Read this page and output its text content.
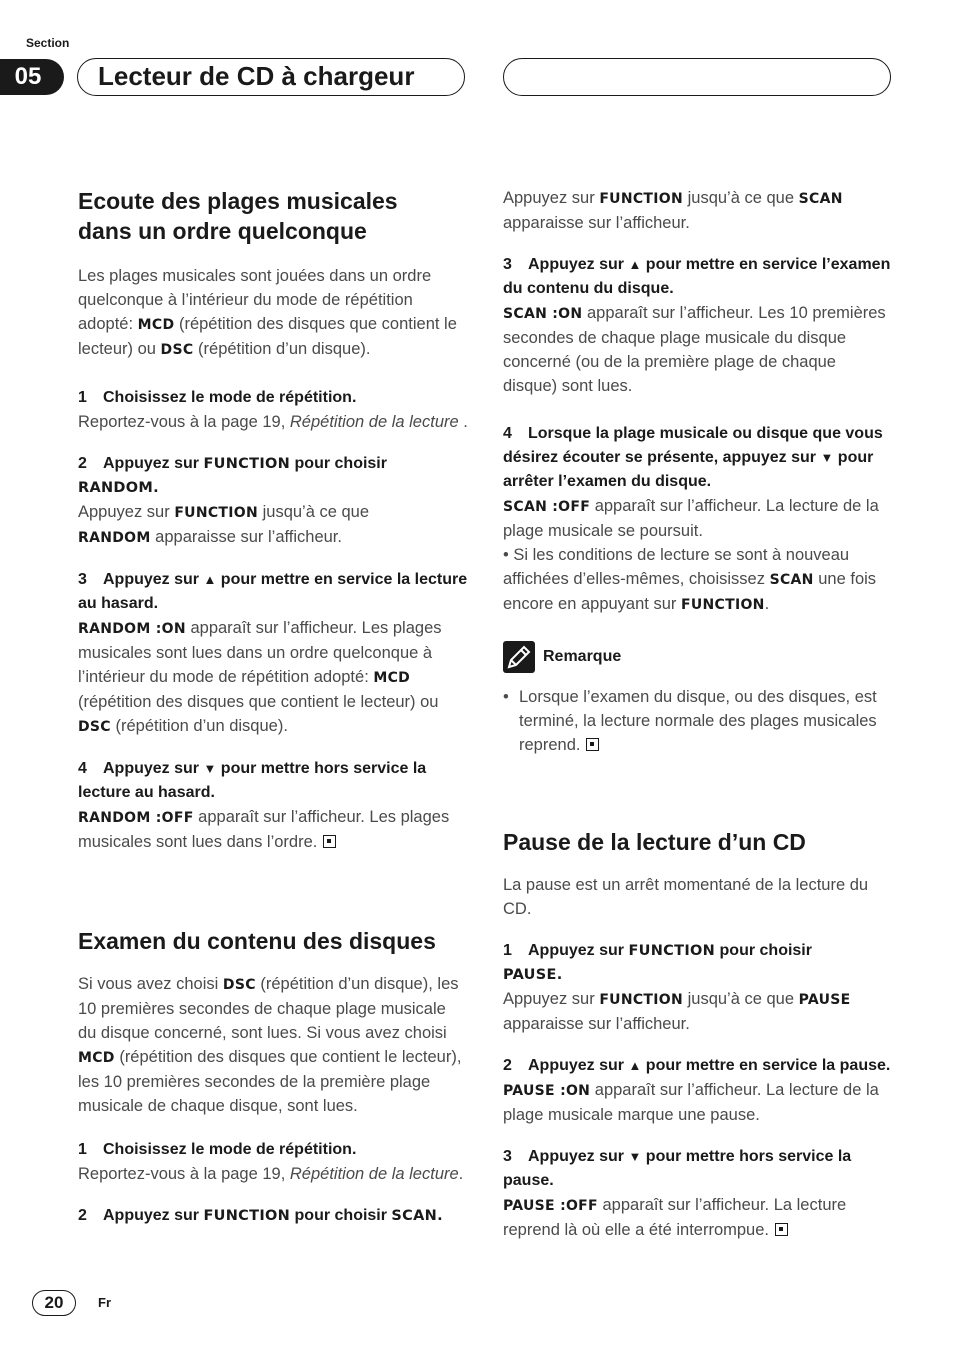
Section
05	Lecteur de CD à chargeur
Ecoute des plages musicales
dans un ordre quelconque

Les plages musicales sont jouées dans un ordre quelconque à l’intérieur du mode de répétition adopté: MCD (répétition des disques que contient le lecteur) ou DSC (répétition d’un disque).

1 Choisissez le mode de répétition.

Reportez-vous à la page 19, Répétition de la lecture .

2 Appuyez sur FUNCTION pour choisir
RANDOM.

Appuyez sur FUNCTION jusqu’à ce que
RANDOM apparaisse sur l’afficheur.

3 Appuyez sur ▲ pour mettre en service la lecture au hasard.

RANDOM :ON apparaît sur l’afficheur. Les plages musicales sont lues dans un ordre quelconque à l’intérieur du mode de répétition adopté: MCD (répétition des disques que contient le lecteur) ou DSC (répétition d’un disque).

4 Appuyez sur ▼ pour mettre hors service la lecture au hasard.

RANDOM :OFF apparaît sur l’afficheur. Les plages musicales sont lues dans l’ordre.

Examen du contenu des disques

Si vous avez choisi DSC (répétition d’un disque), les 10 premières secondes de chaque plage musicale du disque concerné, sont lues. Si vous avez choisi MCD (répétition des disques que contient le lecteur), les 10 premières secondes de la première plage musicale de chaque disque, sont lues.

1 Choisissez le mode de répétition.

Reportez-vous à la page 19, Répétition de la lecture.

2 Appuyez sur FUNCTION pour choisir SCAN.

Appuyez sur FUNCTION jusqu’à ce que SCAN
apparaisse sur l’afficheur.

3 Appuyez sur ▲ pour mettre en service l’examen du contenu du disque.

SCAN :ON apparaît sur l’afficheur. Les 10 premières secondes de chaque plage musicale du disque concerné (ou de la première plage de chaque disque) sont lues.

4 Lorsque la plage musicale ou disque que vous désirez écouter se présente, appuyez sur ▼ pour arrêter l’examen du disque.

SCAN :OFF apparaît sur l’afficheur. La lecture de la plage musicale se poursuit.

• Si les conditions de lecture se sont à nouveau affichées d’elles-mêmes, choisissez SCAN une fois encore en appuyant sur FUNCTION.

Remarque

• Lorsque l’examen du disque, ou des disques, est terminé, la lecture normale des plages musicales reprend.

Pause de la lecture d’un CD

La pause est un arrêt momentané de la lecture du CD.

1 Appuyez sur FUNCTION pour choisir
PAUSE.

Appuyez sur FUNCTION jusqu’à ce que PAUSE
apparaisse sur l’afficheur.

2 Appuyez sur ▲ pour mettre en service la pause.

PAUSE :ON apparaît sur l’afficheur. La lecture de la plage musicale marque une pause.

3 Appuyez sur ▼ pour mettre hors service la pause.

PAUSE :OFF apparaît sur l’afficheur. La lecture reprend là où elle a été interrompue.

20	Fr
